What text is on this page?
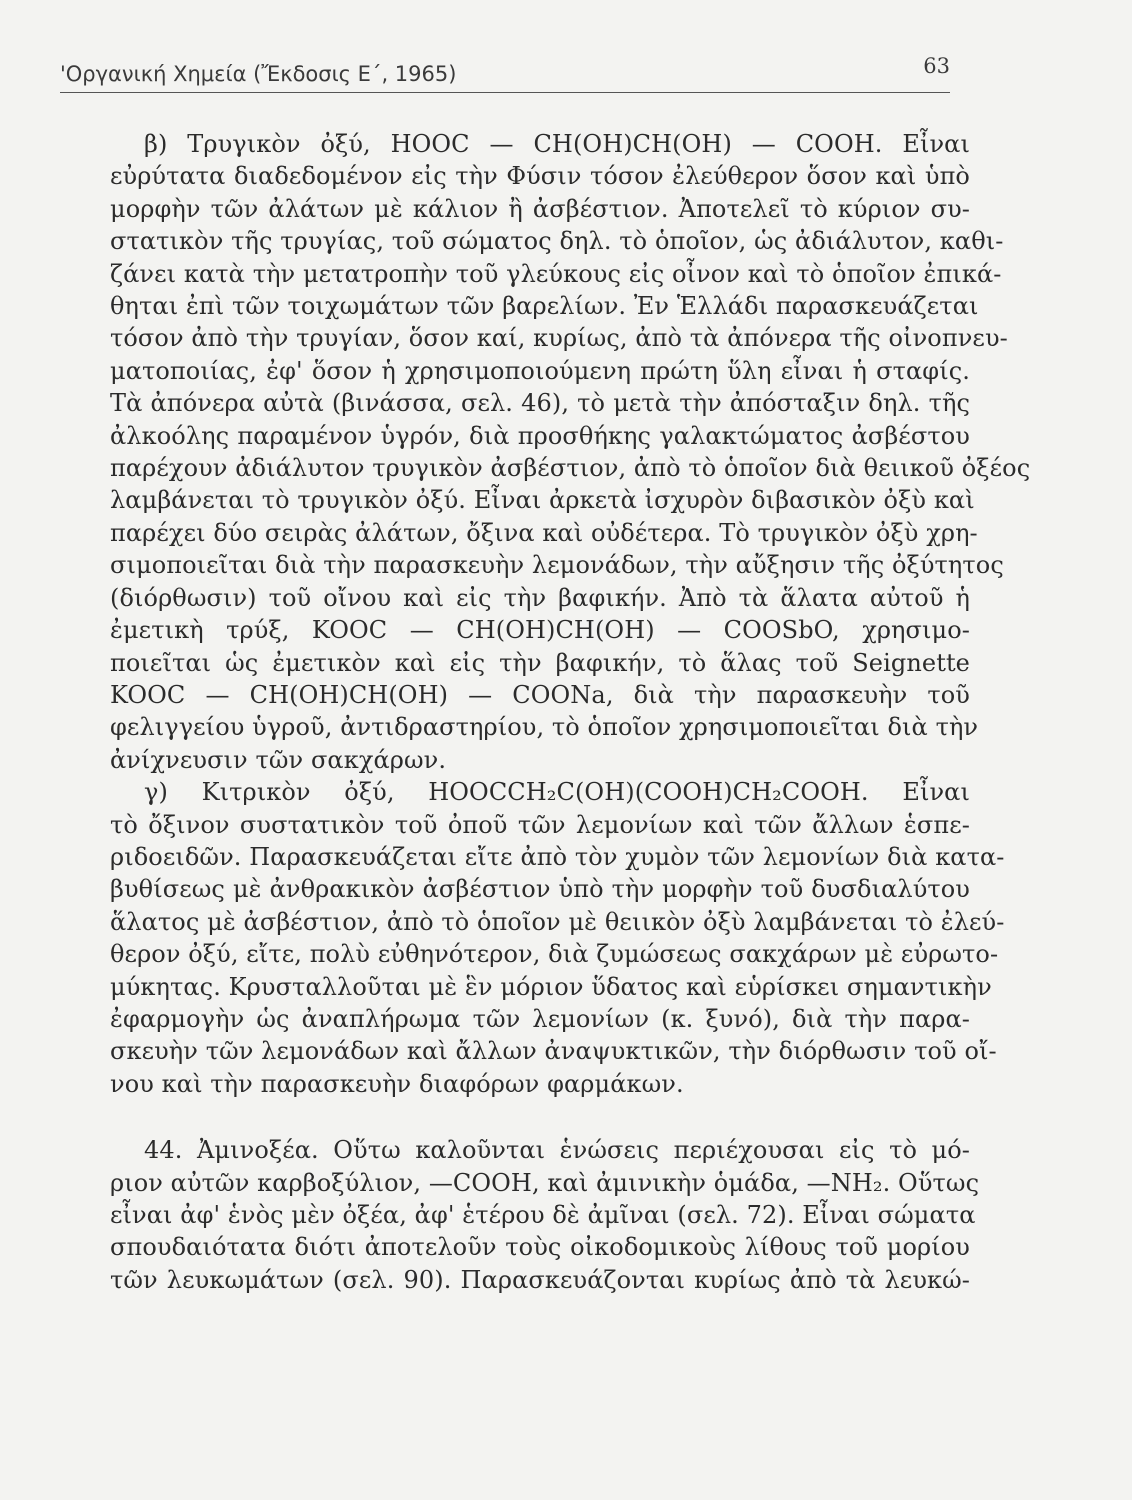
'Οργανική Χημεία (Ἔκδοσις Ε΄, 1965)	63
β) Τρυγικὸν ὀξύ, HOOC — CH(OH)CH(OH) — COOH. Εἶναι
εὐρύτατα διαδεδομένον εἰς τὴν Φύσιν τόσον ἐλεύθερον ὅσον καὶ ὑπὸ
μορφὴν τῶν ἀλάτων μὲ κάλιον ἢ ἀσβέστιον. Ἀποτελεῖ τὸ κύριον συ-
στατικὸν τῆς τρυγίας, τοῦ σώματος δηλ. τὸ ὁποῖον, ὡς ἀδιάλυτον, καθι-
ζάνει κατὰ τὴν μετατροπὴν τοῦ γλεύκους εἰς οἶνον καὶ τὸ ὁποῖον ἐπικά-
θηται ἐπὶ τῶν τοιχωμάτων τῶν βαρελίων. Ἐν Ἑλλάδι παρασκευάζεται
τόσον ἀπὸ τὴν τρυγίαν, ὅσον καί, κυρίως, ἀπὸ τὰ ἀπόνερα τῆς οἰνοπνευ-
ματοποιίας, ἐφ' ὅσον ἡ χρησιμοποιούμενη πρώτη ὕλη εἶναι ἡ σταφίς.
Τὰ ἀπόνερα αὐτὰ (βινάσσα, σελ. 46), τὸ μετὰ τὴν ἀπόσταξιν δηλ. τῆς
ἀλκοόλης παραμένον ὑγρόν, διὰ προσθήκης γαλακτώματος ἀσβέστου
παρέχουν ἀδιάλυτον τρυγικὸν ἀσβέστιον, ἀπὸ τὸ ὁποῖον διὰ θειικοῦ ὀξέος
λαμβάνεται τὸ τρυγικὸν ὀξύ. Εἶναι ἀρκετὰ ἰσχυρὸν διβασικὸν ὀξὺ καὶ
παρέχει δύο σειρὰς ἀλάτων, ὄξινα καὶ οὐδέτερα. Τὸ τρυγικὸν ὀξὺ χρη-
σιμοποιεῖται διὰ τὴν παρασκευὴν λεμονάδων, τὴν αὔξησιν τῆς ὀξύτητος
(διόρθωσιν) τοῦ οἴνου καὶ εἰς τὴν βαφικήν. Ἀπὸ τὰ ἅλατα αὐτοῦ ἡ
ἐμετικὴ τρύξ, KOOC — CH(OH)CH(OH) — COOSbO, χρησιμο-
ποιεῖται ὡς ἐμετικὸν καὶ εἰς τὴν βαφικήν, τὸ ἅλας τοῦ Seignette
KOOC — CH(OH)CH(OH) — COONa, διὰ τὴν παρασκευὴν τοῦ
φελιγγείου ὑγροῦ, ἀντιδραστηρίου, τὸ ὁποῖον χρησιμοποιεῖται διὰ τὴν
ἀνίχνευσιν τῶν σακχάρων.
γ) Κιτρικὸν ὀξύ, HOOCCH₂C(OH)(COOH)CH₂COOH. Εἶναι
τὸ ὄξινον συστατικὸν τοῦ ὀποῦ τῶν λεμονίων καὶ τῶν ἄλλων ἑσπε-
ριδοειδῶν. Παρασκευάζεται εἴτε ἀπὸ τὸν χυμὸν τῶν λεμονίων διὰ κατα-
βυθίσεως μὲ ἀνθρακικὸν ἀσβέστιον ὑπὸ τὴν μορφὴν τοῦ δυσδιαλύτου
ἅλατος μὲ ἀσβέστιον, ἀπὸ τὸ ὁποῖον μὲ θειικὸν ὀξὺ λαμβάνεται τὸ ἐλεύ-
θερον ὀξύ, εἴτε, πολὺ εὐθηνότερον, διὰ ζυμώσεως σακχάρων μὲ εὐρωτο-
μύκητας. Κρυσταλλοῦται μὲ ἓν μόριον ὕδατος καὶ εὑρίσκει σημαντικὴν
ἐφαρμογὴν ὡς ἀναπλήρωμα τῶν λεμονίων (κ. ξυνό), διὰ τὴν παρα-
σκευὴν τῶν λεμονάδων καὶ ἄλλων ἀναψυκτικῶν, τὴν διόρθωσιν τοῦ οἴ-
νου καὶ τὴν παρασκευὴν διαφόρων φαρμάκων.
44. Ἀμινοξέα. Οὕτω καλοῦνται ἑνώσεις περιέχουσαι εἰς τὸ μό-
ριον αὐτῶν καρβοξύλιον, —COOH, καὶ ἀμινικὴν ὁμάδα, —NH₂. Οὕτως
εἶναι ἀφ' ἑνὸς μὲν ὀξέα, ἀφ' ἑτέρου δὲ ἀμῖναι (σελ. 72). Εἶναι σώματα
σπουδαιότατα διότι ἀποτελοῦν τοὺς οἰκοδομικοὺς λίθους τοῦ μορίου
τῶν λευκωμάτων (σελ. 90). Παρασκευάζονται κυρίως ἀπὸ τὰ λευκώ-
